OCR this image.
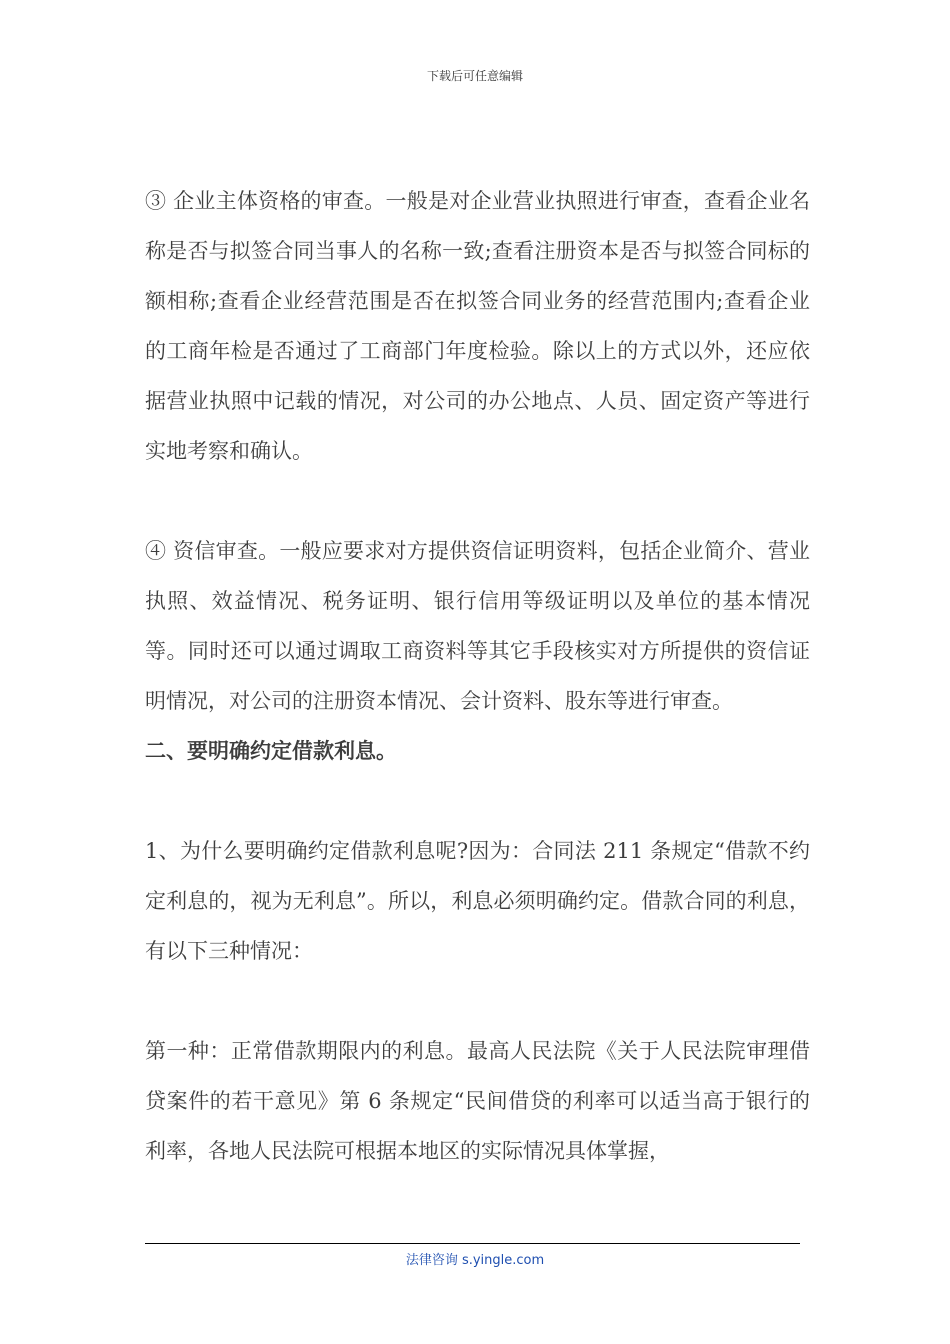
下载后可任意编辑

③ 企业主体资格的审查。一般是对企业营业执照进行审查，查看企业名称是否与拟签合同当事人的名称一致;查看注册资本是否与拟签合同标的额相称;查看企业经营范围是否在拟签合同业务的经营范围内;查看企业的工商年检是否通过了工商部门年度检验。除以上的方式以外，还应依据营业执照中记载的情况，对公司的办公地点、人员、固定资产等进行实地考察和确认。

④ 资信审查。一般应要求对方提供资信证明资料，包括企业简介、营业执照、效益情况、税务证明、银行信用等级证明以及单位的基本情况等。同时还可以通过调取工商资料等其它手段核实对方所提供的资信证明情况，对公司的注册资本情况、会计资料、股东等进行审查。

二、要明确约定借款利息。

1、为什么要明确约定借款利息呢?因为：合同法 211 条规定“借款不约定利息的，视为无利息”。所以，利息必须明确约定。借款合同的利息，有以下三种情况：

第一种：正常借款期限内的利息。最高人民法院《关于人民法院审理借贷案件的若干意见》第 6 条规定“民间借贷的利率可以适当高于银行的利率，各地人民法院可根据本地区的实际情况具体掌握，

法律咨询 s.yingle.com
